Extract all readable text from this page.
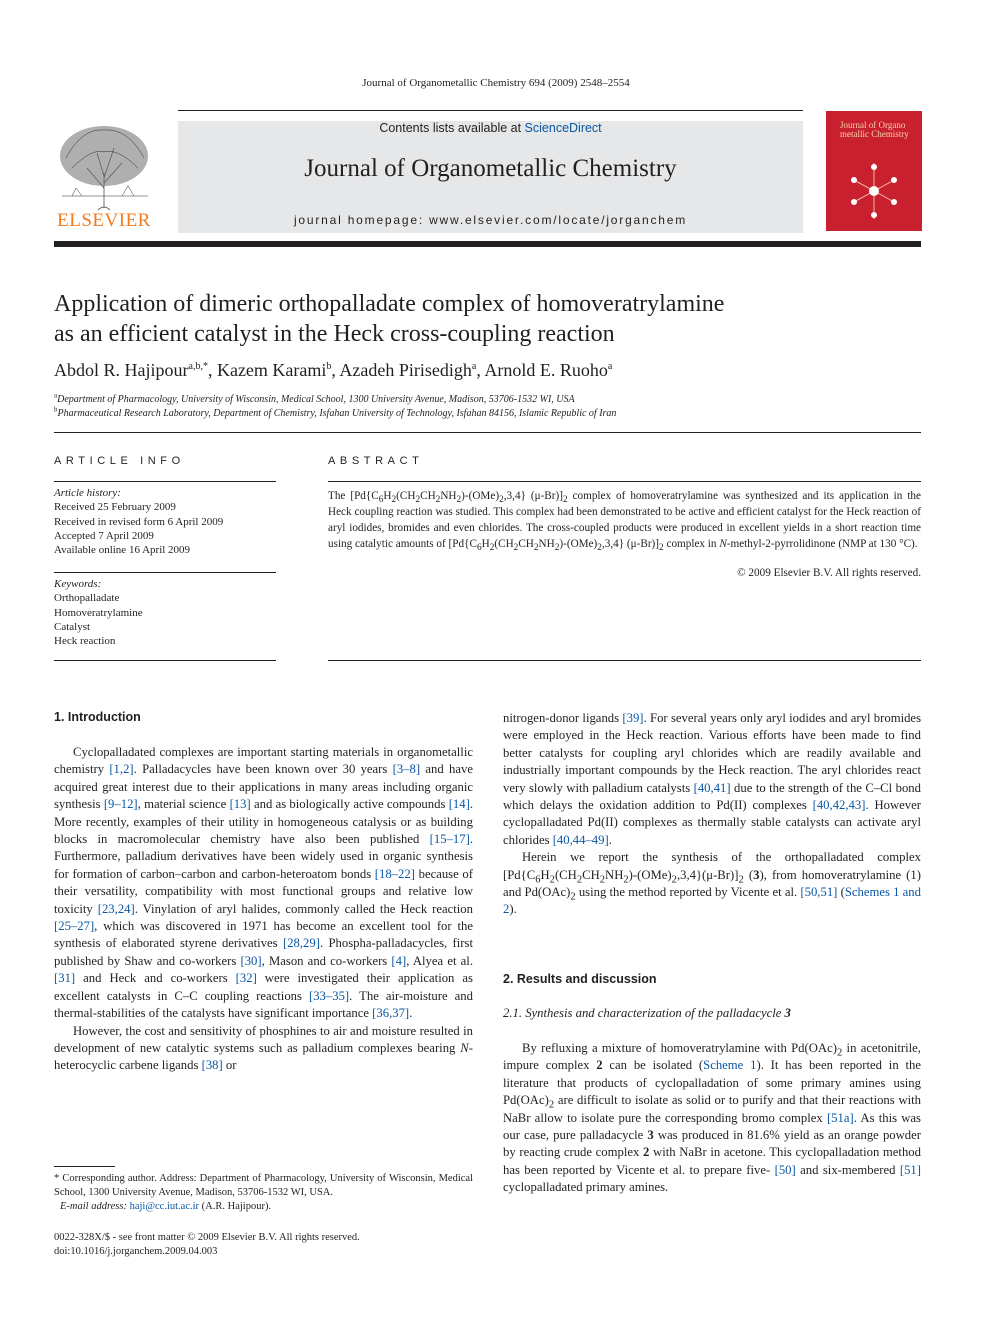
Journal of Organometallic Chemistry 694 (2009) 2548–2554
ELSEVIER
Contents lists available at ScienceDirect
Journal of Organometallic Chemistry
journal homepage: www.elsevier.com/locate/jorganchem
Journal of Organo metallic Chemistry
Application of dimeric orthopalladate complex of homoveratrylamine
as an efficient catalyst in the Heck cross-coupling reaction
Abdol R. Hajipour$^{a,b,*}$, Kazem Karami$^b$, Azadeh Pirisedigh$^a$, Arnold E. Ruoho$^a$
$^a$Department of Pharmacology, University of Wisconsin, Medical School, 1300 University Avenue, Madison, 53706-1532 WI, USA
$^b$Pharmaceutical Research Laboratory, Department of Chemistry, Isfahan University of Technology, Isfahan 84156, Islamic Republic of Iran
ARTICLE INFO
Article history:
Received 25 February 2009
Received in revised form 6 April 2009
Accepted 7 April 2009
Available online 16 April 2009
Keywords:
Orthopalladate
Homoveratrylamine
Catalyst
Heck reaction
ABSTRACT
The [$Pd\{C_6H_2(CH_2CH_2NH_2)-(OMe)_2,3,4\}$ $(\mu-Br)]_2$ complex of homoveratrylamine was synthesized and its application in the Heck coupling reaction was studied. This complex had been demonstrated to be active and efficient catalyst for the Heck reaction of aryl iodides, bromides and even chlorides. The cross-coupled products were produced in excellent yields in a short reaction time using catalytic amounts of [$Pd\{C_6H_2(CH_2CH_2NH_2)-(OMe)_2,3,4\}$ $(\mu-Br)]_2$ complex in N-methyl-2-pyrrolidinone (NMP at 130 °C).
© 2009 Elsevier B.V. All rights reserved.
1. Introduction

Cyclopalladated complexes are important starting materials in organometallic chemistry [1,2]. Palladacycles have been known over 30 years [3–8] and have acquired great interest due to their applications in many areas including organic synthesis [9–12], material science [13] and as biologically active compounds [14]. More recently, examples of their utility in homogeneous catalysis or as building blocks in macromolecular chemistry have also been published [15–17]. Furthermore, palladium derivatives have been widely used in organic synthesis for formation of carbon–carbon and carbon-heteroatom bonds [18–22] because of their versatility, compatibility with most functional groups and relative low toxicity [23,24]. Vinylation of aryl halides, commonly called the Heck reaction [25–27], which was discovered in 1971 has become an excellent tool for the synthesis of elaborated styrene derivatives [28,29]. Phospha-palladacycles, first published by Shaw and co-workers [30], Mason and co-workers [4], Alyea et al. [31] and Heck and co-workers [32] were investigated their application as excellent catalysts in C–C coupling reactions [33–35]. The air-moisture and thermal-stabilities of the catalysts have significant importance [36,37].

However, the cost and sensitivity of phosphines to air and moisture resulted in development of new catalytic systems such as palladium complexes bearing N-heterocyclic carbene ligands [38] or

* Corresponding author. Address: Department of Pharmacology, University of Wisconsin, Medical School, 1300 University Avenue, Madison, 53706-1532 WI, USA.
E-mail address: haji@cc.iut.ac.ir (A.R. Hajipour).
0022-328X/$ - see front matter © 2009 Elsevier B.V. All rights reserved.
doi:10.1016/j.jorganchem.2009.04.003

nitrogen-donor ligands [39]. For several years only aryl iodides and aryl bromides were employed in the Heck reaction. Various efforts have been made to find better catalysts for coupling aryl chlorides which are readily available and industrially important compounds by the Heck reaction. The aryl chlorides react very slowly with palladium catalysts [40,41] due to the strength of the C–Cl bond which delays the oxidation addition to Pd(II) complexes [40,42,43]. However cyclopalladated Pd(II) complexes as thermally stable catalysts can activate aryl chlorides [40,44–49].

Herein we report the synthesis of the orthopalladated complex $[Pd\{C_6H_2(CH_2CH_2NH_2)-(OMe)_2,3,4\}(\mu-Br)]_2$ (3), from homoveratrylamine (1) and $Pd(OAc)_2$ using the method reported by Vicente et al. [50,51] (Schemes 1 and 2).

2. Results and discussion
2.1. Synthesis and characterization of the palladacycle 3

By refluxing a mixture of homoveratrylamine with $Pd(OAc)_2$ in acetonitrile, impure complex 2 can be isolated (Scheme 1). It has been reported in the literature that products of cyclopalladation of some primary amines using $Pd(OAc)_2$ are difficult to isolate as solid or to purify and that their reactions with NaBr allow to isolate pure the corresponding bromo complex [51a]. As this was our case, pure palladacycle 3 was produced in 81.6% yield as an orange powder by reacting crude complex 2 with NaBr in acetone. This cyclopalladation method has been reported by Vicente et al. to prepare five- [50] and six-membered [51] cyclopalladated primary amines.
